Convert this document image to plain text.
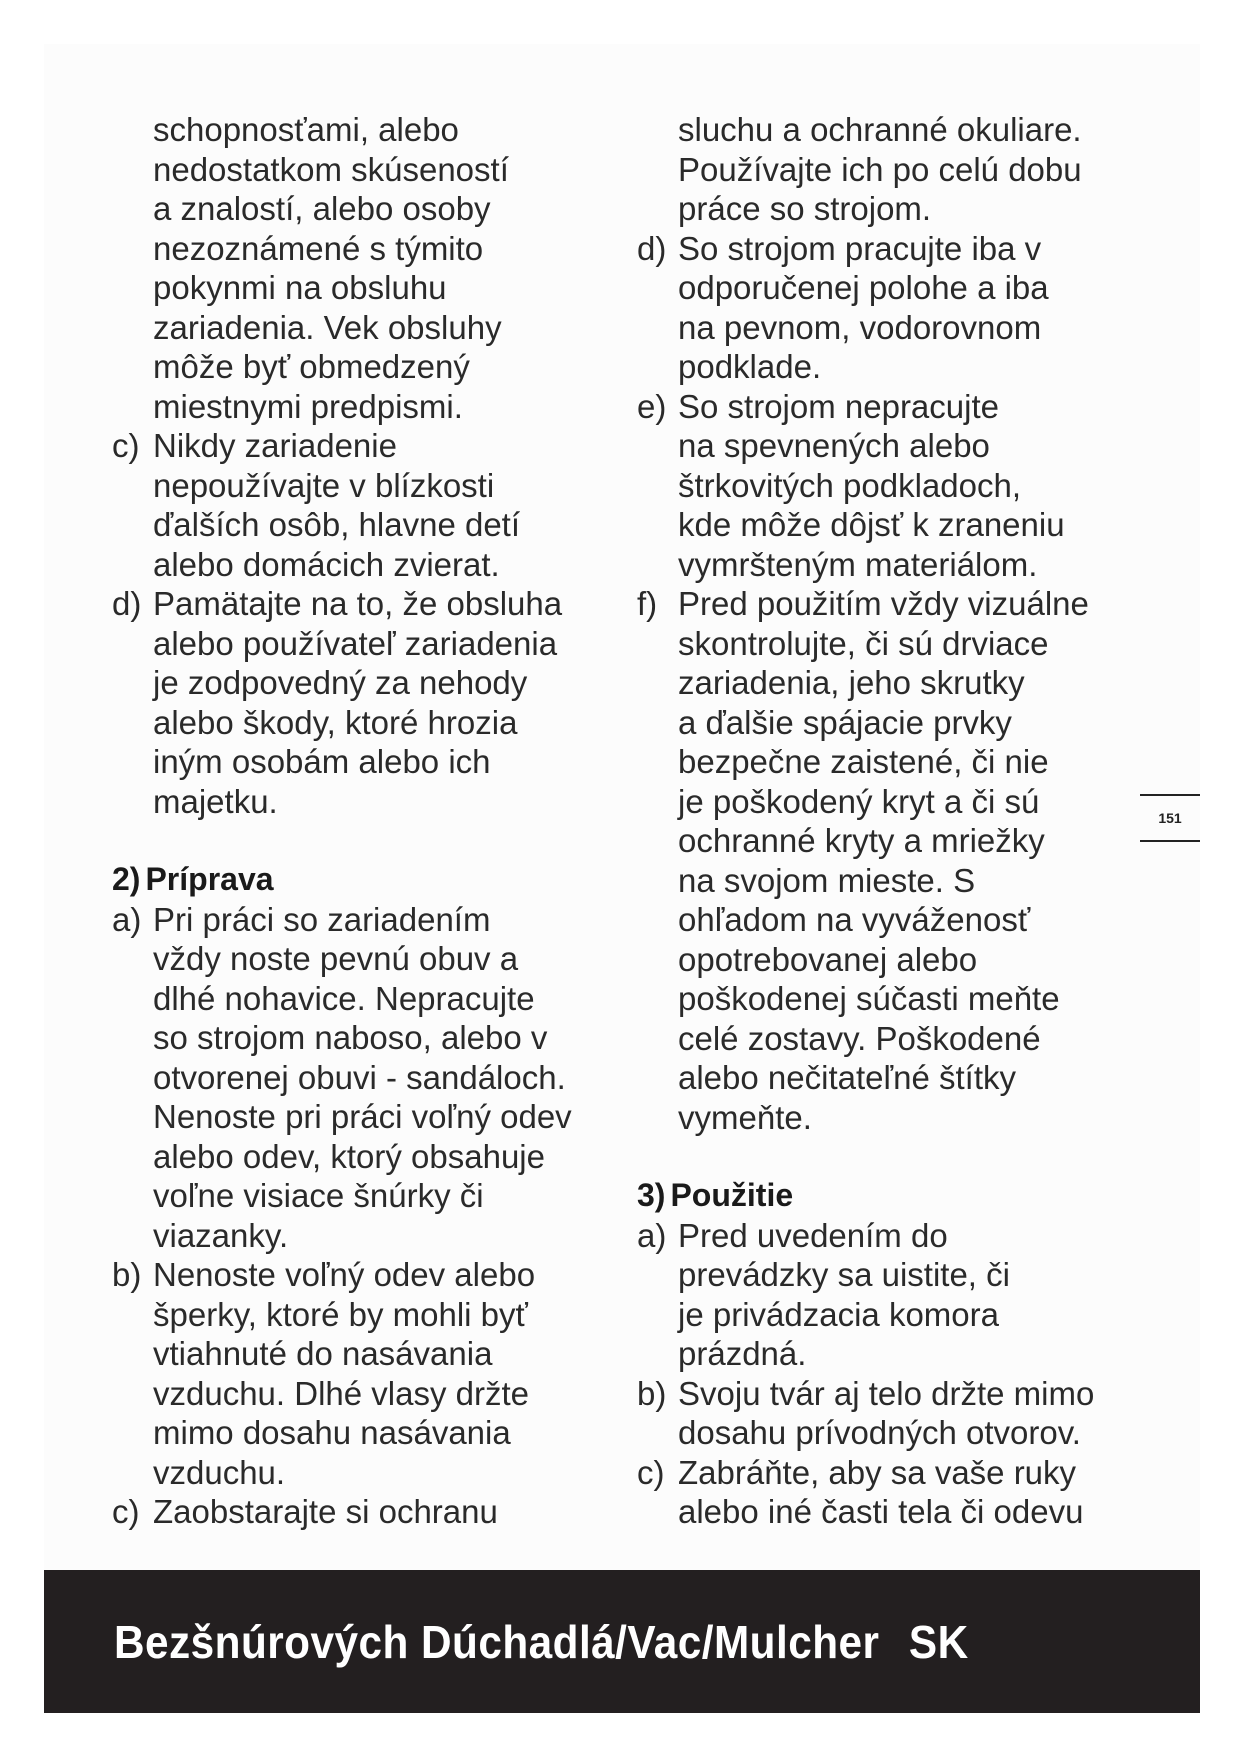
schopnosťami, alebo
nedostatkom skúseností
a znalostí, alebo osoby
nezoznámené s týmito
pokynmi na obsluhu
zariadenia. Vek obsluhy
môže byť obmedzený
miestnymi predpismi.
c) Nikdy zariadenie
nepoužívajte v blízkosti
ďalších osôb, hlavne detí
alebo domácich zvierat.
d) Pamätajte na to, že obsluha
alebo používateľ zariadenia
je zodpovedný za nehody
alebo škody, ktoré hrozia
iným osobám alebo ich
majetku.
2) Príprava
a) Pri práci so zariadením
vždy noste pevnú obuv a
dlhé nohavice. Nepracujte
so strojom naboso, alebo v
otvorenej obuvi - sandáloch.
Nenoste pri práci voľný odev
alebo odev, ktorý obsahuje
voľne visiace šnúrky či
viazanky.
b) Nenoste voľný odev alebo
šperky, ktoré by mohli byť
vtiahnuté do nasávania
vzduchu. Dlhé vlasy držte
mimo dosahu nasávania
vzduchu.
c) Zaobstarajte si ochranu
sluchu a ochranné okuliare.
Používajte ich po celú dobu
práce so strojom.
d) So strojom pracujte iba v
odporučenej polohe a iba
na pevnom, vodorovnom
podklade.
e) So strojom nepracujte
na spevnených alebo
štrkovitých podkladoch,
kde môže dôjsť k zraneniu
vymršteným materiálom.
f) Pred použitím vždy vizuálne
skontrolujte, či sú drviace
zariadenia, jeho skrutky
a ďalšie spájacie prvky
bezpečne zaistené, či nie
je poškodený kryt a či sú
ochranné kryty a mriežky
na svojom mieste. S
ohľadom na vyváženosť
opotrebovanej alebo
poškodenej súčasti meňte
celé zostavy. Poškodené
alebo nečitateľné štítky
vymeňte.
3) Použitie
a) Pred uvedením do
prevádzky sa uistite, či
je privádzacia komora
prázdná.
b) Svoju tvár aj telo držte mimo
dosahu prívodných otvorov.
c) Zabráňte, aby sa vaše ruky
alebo iné časti tela či odevu
151
Bezšnúrových Dúchadlá/Vac/Mulcher SK
